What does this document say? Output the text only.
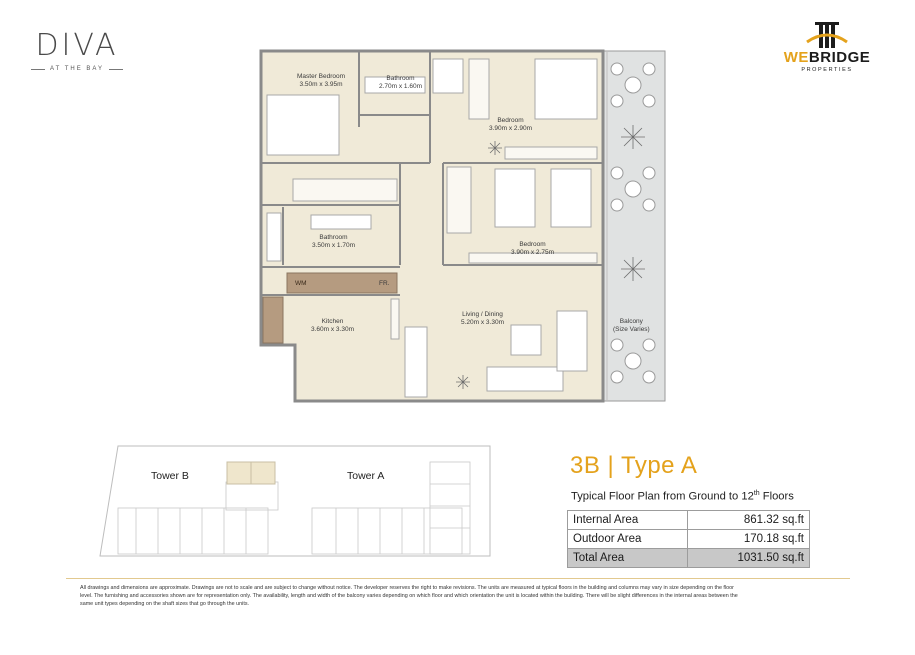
DIVA
AT THE BAY
WEBRIDGE
PROPERTIES
Master Bedroom
3.50m x 3.95m
Bathroom
2.70m x 1.60m
Bedroom
3.90m x 2.90m
Bathroom
3.50m x 1.70m	Bedroom
3.90m x 2.75m
Kitchen
3.60m x 3.30m
Living / Dining
5.20m x 3.30m	Balcony
(Size Varies)
WM	FR.
Tower B	Tower A	3B | Type A
Typical Floor Plan from Ground to 12th Floors
Internal Area	861.32 sq.ft
Outdoor Area	170.18 sq.ft
Total Area	1031.50 sq.ft
All drawings and dimensions are approximate. Drawings are not to scale and are subject to change without notice. The developer reserves the right to make revisions. The units are measured at typical floors in the building and columns may vary in size depending on the floor level. The furnishing and accessories shown are for representation only. The availability, length and width of the balcony varies depending on which floor and which orientation the unit is located within the building. There will be slight differences in the internal areas between the same unit types depending on the shaft sizes that go through the units.
